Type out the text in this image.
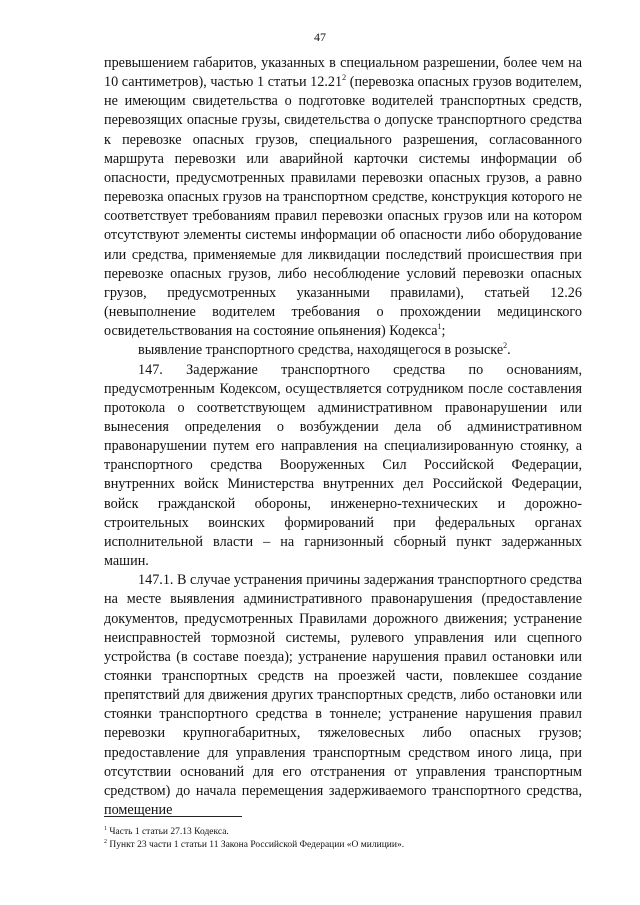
47

превышением габаритов, указанных в специальном разрешении, более чем на 10 сантиметров), частью 1 статьи 12.21$^2$ (перевозка опасных грузов водителем, не имеющим свидетельства о подготовке водителей транспортных средств, перевозящих опасные грузы, свидетельства о допуске транспортного средства к перевозке опасных грузов, специального разрешения, согласованного маршрута перевозки или аварийной карточки системы информации об опасности, предусмотренных правилами перевозки опасных грузов, а равно перевозка опасных грузов на транспортном средстве, конструкция которого не соответствует требованиям правил перевозки опасных грузов или на котором отсутствуют элементы системы информации об опасности либо оборудование или средства, применяемые для ликвидации последствий происшествия при перевозке опасных грузов, либо несоблюдение условий перевозки опасных грузов, предусмотренных указанными правилами), статьей 12.26 (невыполнение водителем требования о прохождении медицинского освидетельствования на состояние опьянения) Кодекса$^1$;

выявление транспортного средства, находящегося в розыске$^2$.

147. Задержание транспортного средства по основаниям, предусмотренным Кодексом, осуществляется сотрудником после составления протокола о соответствующем административном правонарушении или вынесения определения о возбуждении дела об административном правонарушении путем его направления на специализированную стоянку, а транспортного средства Вооруженных Сил Российской Федерации, внутренних войск Министерства внутренних дел Российской Федерации, войск гражданской обороны, инженерно-технических и дорожно-строительных воинских формирований при федеральных органах исполнительной власти – на гарнизонный сборный пункт задержанных машин.

147.1. В случае устранения причины задержания транспортного средства на месте выявления административного правонарушения (предоставление документов, предусмотренных Правилами дорожного движения; устранение неисправностей тормозной системы, рулевого управления или сцепного устройства (в составе поезда); устранение нарушения правил остановки или стоянки транспортных средств на проезжей части, повлекшее создание препятствий для движения других транспортных средств, либо остановки или стоянки транспортного средства в тоннеле; устранение нарушения правил перевозки крупногабаритных, тяжеловесных либо опасных грузов; предоставление для управления транспортным средством иного лица, при отсутствии оснований для его отстранения от управления транспортным средством) до начала перемещения задерживаемого транспортного средства, помещение

$^1$ Часть 1 статьи 27.13 Кодекса.
$^2$ Пункт 23 части 1 статьи 11 Закона Российской Федерации «О милиции».
